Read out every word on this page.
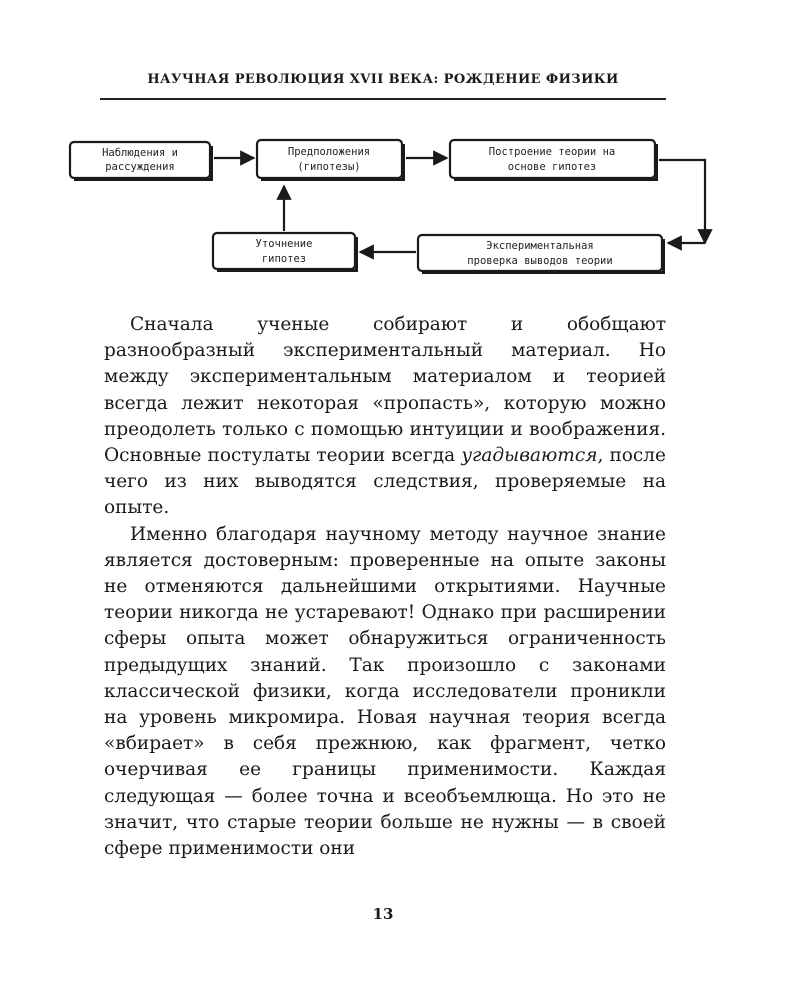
НАУЧНАЯ РЕВОЛЮЦИЯ XVII ВЕКА: РОЖДЕНИЕ ФИЗИКИ
Наблюдения и
рассуждения
Предположения
(гипотезы)
Построение теории на
основе гипотез
Экспериментальная
проверка выводов теории
Уточнение
гипотез

Сначала ученые собирают и обобщают разнообразный экспериментальный материал. Но между экспериментальным материалом и теорией всегда лежит некоторая «пропасть», которую можно преодолеть только с помощью интуиции и воображения. Основные постулаты теории всегда угадываются, после чего из них выводятся следствия, проверяемые на опыте.

Именно благодаря научному методу научное знание является достоверным: проверенные на опыте законы не отменяются дальнейшими открытиями. Научные теории никогда не устаревают! Однако при расширении сферы опыта может обнаружиться ограниченность предыдущих знаний. Так произошло с законами классической физики, когда исследователи проникли на уровень микромира. Новая научная теория всегда «вбирает» в себя прежнюю, как фрагмент, четко очерчивая ее границы применимости. Каждая следующая — более точна и всеобъемлюща. Но это не значит, что старые теории больше не нужны — в своей сфере применимости они

13
